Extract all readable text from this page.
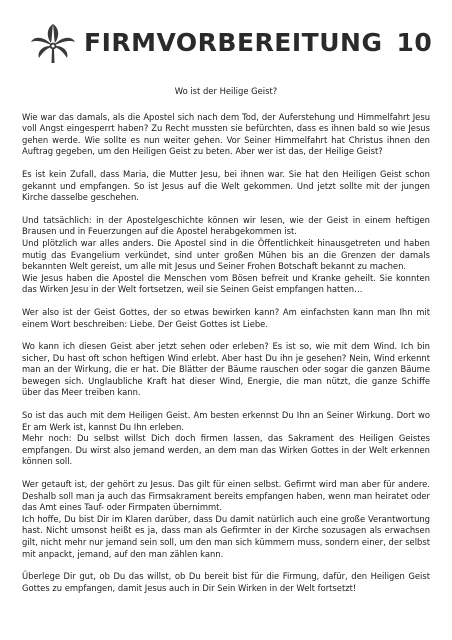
FIRMVORBEREITUNG 10

Wo ist der Heilige Geist?

Wie war das damals, als die Apostel sich nach dem Tod, der Auferstehung und Himmelfahrt Jesu voll Angst eingesperrt haben? Zu Recht mussten sie befürchten, dass es ihnen bald so wie Jesus gehen werde. Wie sollte es nun weiter gehen. Vor Seiner Himmelfahrt hat Christus ihnen den Auftrag gegeben, um den Heiligen Geist zu beten. Aber wer ist das, der Heilige Geist?

Es ist kein Zufall, dass Maria, die Mutter Jesu, bei ihnen war. Sie hat den Heiligen Geist schon gekannt und empfangen. So ist Jesus auf die Welt gekommen. Und jetzt sollte mit der jungen Kirche dasselbe geschehen.

Und tatsächlich: in der Apostelgeschichte können wir lesen, wie der Geist in einem heftigen Brausen und in Feuerzungen auf die Apostel herabgekommen ist.

Und plötzlich war alles anders. Die Apostel sind in die Öffentlichkeit hinausgetreten und haben mutig das Evangelium verkündet, sind unter großen Mühen bis an die Grenzen der damals bekannten Welt gereist, um alle mit Jesus und Seiner Frohen Botschaft bekannt zu machen.

Wie Jesus haben die Apostel die Menschen vom Bösen befreit und Kranke geheilt. Sie konnten das Wirken Jesu in der Welt fortsetzen, weil sie Seinen Geist empfangen hatten…

Wer also ist der Geist Gottes, der so etwas bewirken kann? Am einfachsten kann man Ihn mit einem Wort beschreiben: Liebe. Der Geist Gottes ist Liebe.

Wo kann ich diesen Geist aber jetzt sehen oder erleben? Es ist so, wie mit dem Wind. Ich bin sicher, Du hast oft schon heftigen Wind erlebt. Aber hast Du ihn je gesehen? Nein, Wind erkennt man an der Wirkung, die er hat. Die Blätter der Bäume rauschen oder sogar die ganzen Bäume bewegen sich. Unglaubliche Kraft hat dieser Wind, Energie, die man nützt, die ganze Schiffe über das Meer treiben kann.

So ist das auch mit dem Heiligen Geist. Am besten erkennst Du Ihn an Seiner Wirkung. Dort wo Er am Werk ist, kannst Du Ihn erleben.

Mehr noch: Du selbst willst Dich doch firmen lassen, das Sakrament des Heiligen Geistes empfangen. Du wirst also jemand werden, an dem man das Wirken Gottes in der Welt erkennen können soll.

Wer getauft ist, der gehört zu Jesus. Das gilt für einen selbst. Gefirmt wird man aber für andere. Deshalb soll man ja auch das Firmsakrament bereits empfangen haben, wenn man heiratet oder das Amt eines Tauf- oder Firmpaten übernimmt.

Ich hoffe, Du bist Dir im Klaren darüber, dass Du damit natürlich auch eine große Verantwortung hast. Nicht umsonst heißt es ja, dass man als Gefirmter in der Kirche sozusagen als erwachsen gilt, nicht mehr nur jemand sein soll, um den man sich kümmern muss, sondern einer, der selbst mit anpackt, jemand, auf den man zählen kann.

Überlege Dir gut, ob Du das willst, ob Du bereit bist für die Firmung, dafür, den Heiligen Geist Gottes zu empfangen, damit Jesus auch in Dir Sein Wirken in der Welt fortsetzt!
